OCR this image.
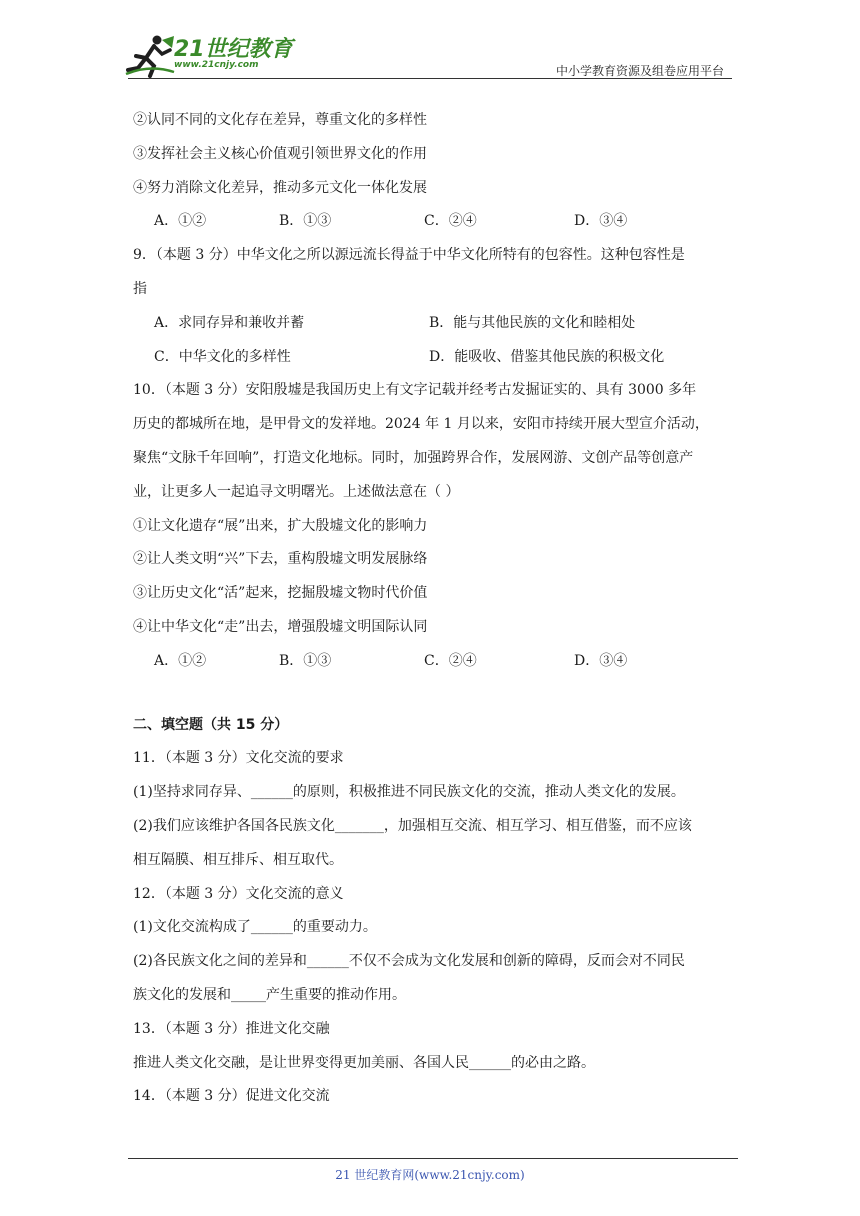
21世纪教育
www.21cnjy.com	中小学教育资源及组卷应用平台
②认同不同的文化存在差异，尊重文化的多样性
③发挥社会主义核心价值观引领世界文化的作用
④努力消除文化差异，推动多元文化一体化发展
A．①②	B．①③	C．②④	D．③④
9．（本题 3 分）中华文化之所以源远流长得益于中华文化所特有的包容性。这种包容性是
指
A．求同存异和兼收并蓄	B．能与其他民族的文化和睦相处
C．中华文化的多样性	D．能吸收、借鉴其他民族的积极文化
10．（本题 3 分）安阳殷墟是我国历史上有文字记载并经考古发掘证实的、具有 3000 多年
历史的都城所在地，是甲骨文的发祥地。2024 年 1 月以来，安阳市持续开展大型宣介活动，
聚焦“文脉千年回响”，打造文化地标。同时，加强跨界合作，发展网游、文创产品等创意产
业，让更多人一起追寻文明曙光。上述做法意在（ ）
①让文化遗存“展”出来，扩大殷墟文化的影响力
②让人类文明“兴”下去，重构殷墟文明发展脉络
③让历史文化“活”起来，挖掘殷墟文物时代价值
④让中华文化“走”出去，增强殷墟文明国际认同
A．①②	B．①③	C．②④	D．③④
二、填空题（共 15 分）
11．（本题 3 分）文化交流的要求
(1)坚持求同存异、______的原则，积极推进不同民族文化的交流，推动人类文化的发展。
(2)我们应该维护各国各民族文化_______，加强相互交流、相互学习、相互借鉴，而不应该
相互隔膜、相互排斥、相互取代。
12．（本题 3 分）文化交流的意义
(1)文化交流构成了______的重要动力。
(2)各民族文化之间的差异和______不仅不会成为文化发展和创新的障碍，反而会对不同民
族文化的发展和_____产生重要的推动作用。
13．（本题 3 分）推进文化交融
推进人类文化交融，是让世界变得更加美丽、各国人民______的必由之路。
14．（本题 3 分）促进文化交流
21 世纪教育网(www.21cnjy.com)
